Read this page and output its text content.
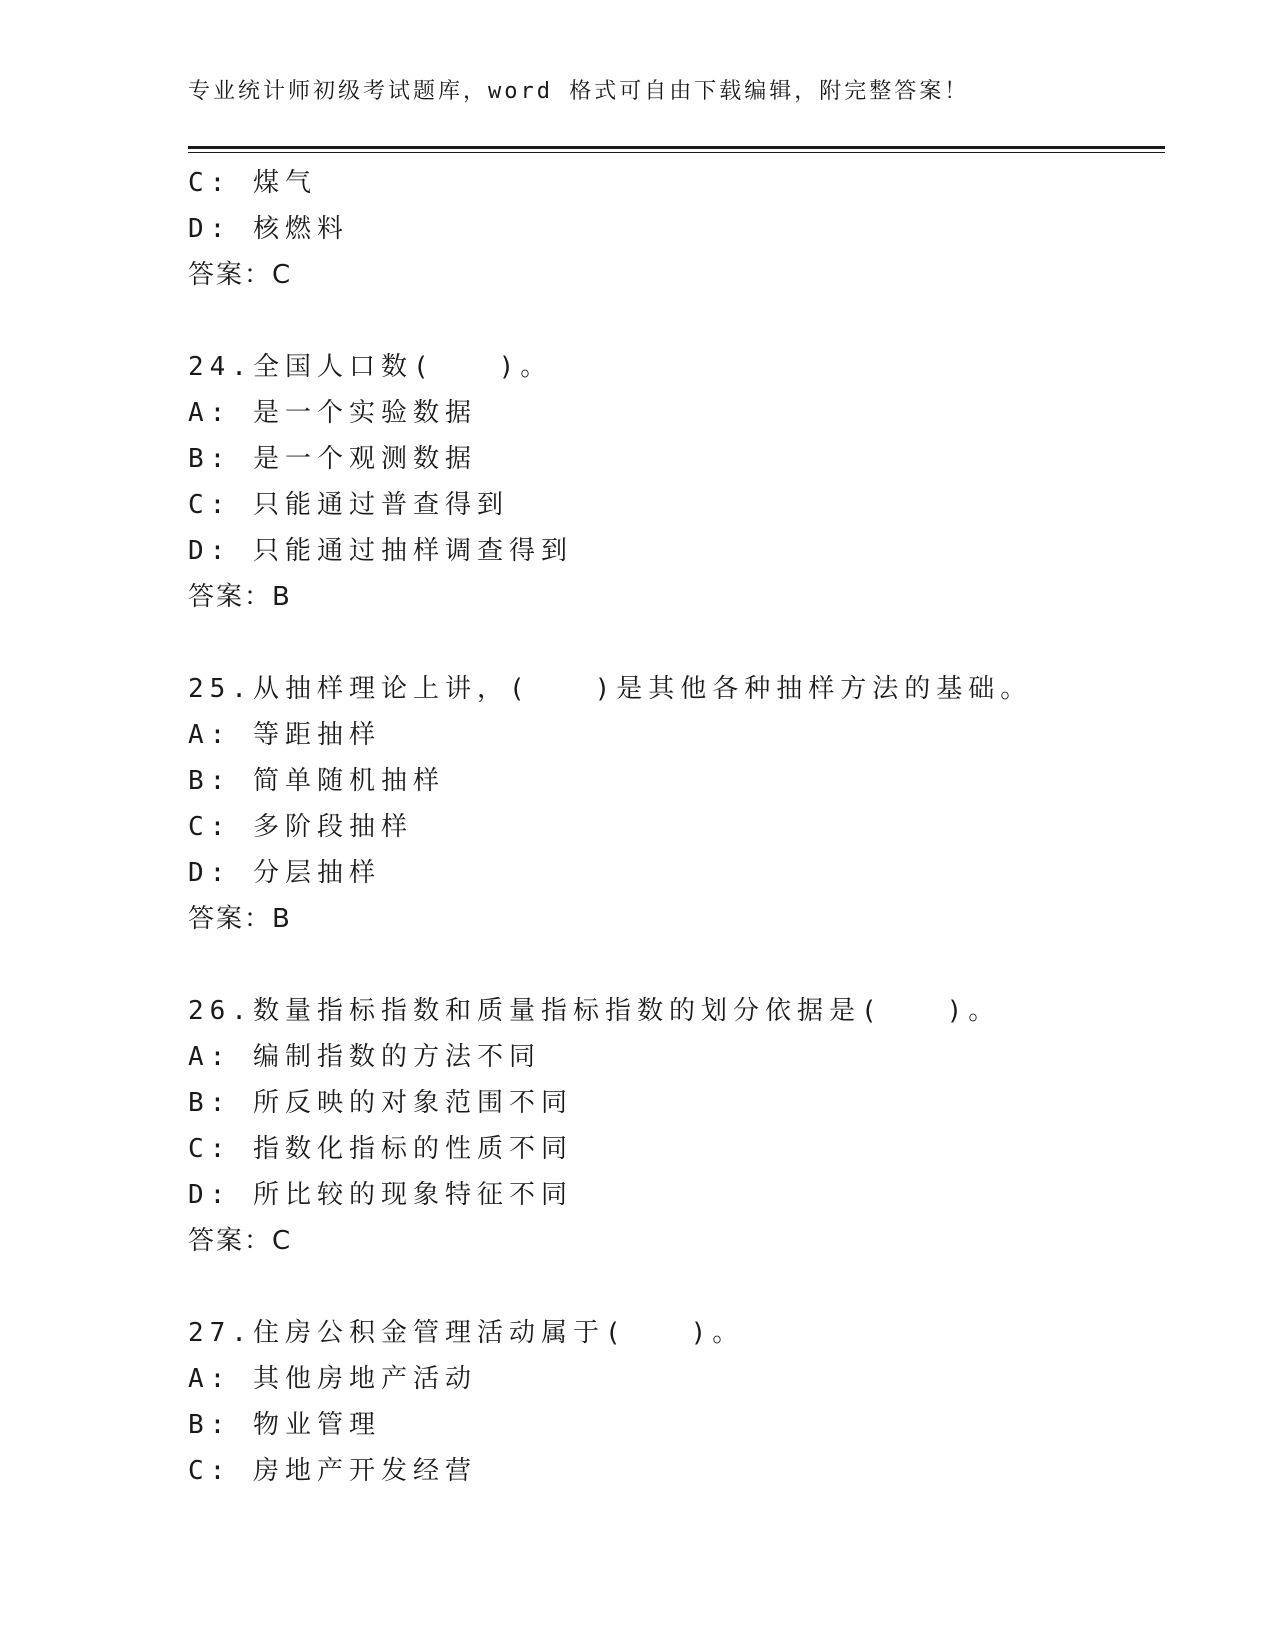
专业统计师初级考试题库，word 格式可自由下载编辑，附完整答案！
C: 煤气
D: 核燃料
答案：C
24.全国人口数(　　)。
A: 是一个实验数据
B: 是一个观测数据
C: 只能通过普查得到
D: 只能通过抽样调查得到
答案：B
25.从抽样理论上讲，(　　)是其他各种抽样方法的基础。
A: 等距抽样
B: 简单随机抽样
C: 多阶段抽样
D: 分层抽样
答案：B
26.数量指标指数和质量指标指数的划分依据是(　　)。
A: 编制指数的方法不同
B: 所反映的对象范围不同
C: 指数化指标的性质不同
D: 所比较的现象特征不同
答案：C
27.住房公积金管理活动属于(　　)。
A: 其他房地产活动
B: 物业管理
C: 房地产开发经营
